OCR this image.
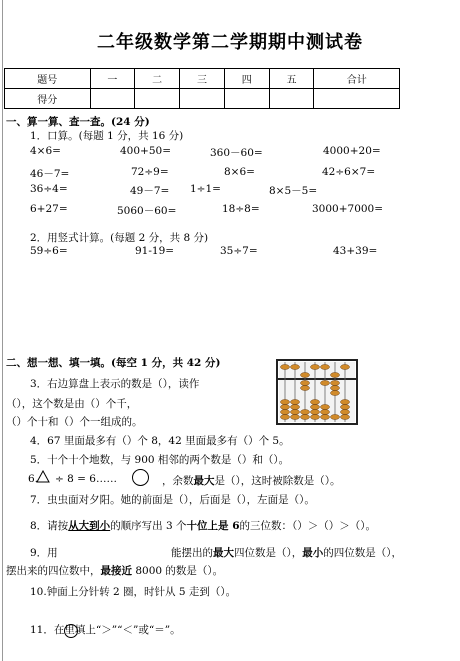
二年级数学第二学期期中测试卷
题号	一	二	三	四	五	合计
得分						
一、算一算、查一查。(24 分)
1．口算。(每题 1 分，共 16 分)
4×6=	400+50=	360－60=	4000+20=
46－7=	72÷9=	8×6=	42÷6×7=
36÷4=	49－7= 1÷1=	8×5－5=
6+27=	5060－60=	18÷8=	3000+7000=
2．用竖式计算。(每题 2 分，共 8 分)
59÷6=	91-19=	35÷7=	43+39=
二、想一想、填一填。(每空 1 分，共 42 分)
3．右边算盘上表示的数是（），读作
（），这个数是由（）个千，
（）个十和（）个一组成的。
4．67 里面最多有（）个 8，42 里面最多有（）个 5。
5．十个十个地数，与 900 相邻的两个数是（）和（）。
6. ÷ 8 = 6……	，余数最大是（），这时被除数是（）。
7．虫虫面对夕阳。她的前面是（），后面是（），左面是（）。
8．请按从大到小的顺序写出 3 个十位上是 6的三位数：（）＞（）＞（）。
9．用	能摆出的最大四位数是（），最小的四位数是（），
摆出来的四位数中，最接近 8000 的数是（）。
10.钟面上分针转 2 圈，时针从 5 走到（）。
11．在里填上“＞”“＜”或“＝”。
